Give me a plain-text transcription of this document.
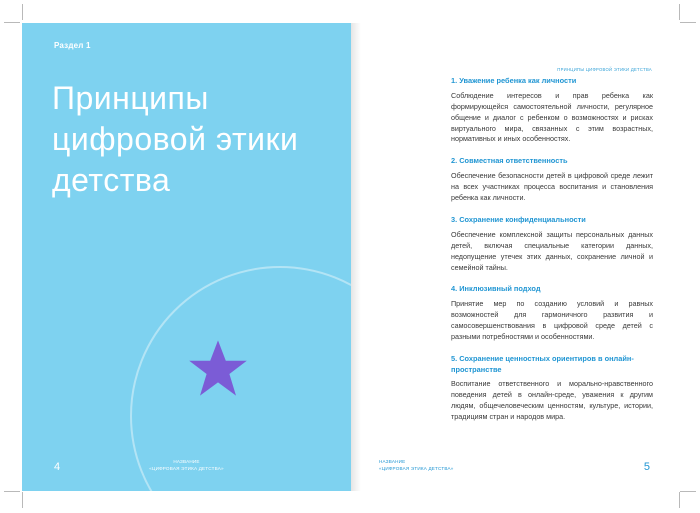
Раздел 1
Принципы цифровой этики детства
4	НАЗВАНИЕ
«ЦИФРОВАЯ ЭТИКА ДЕТСТВА»
ПРИНЦИПЫ ЦИФРОВОЙ ЭТИКИ ДЕТСТВА
1. Уважение ребенка как личности
Соблюдение интересов и прав ребенка как формирующейся самостоятельной личности, регулярное общение и диалог с ребенком о возможностях и рисках виртуального мира, связанных с этим возрастных, нормативных и иных особенностях.
2. Совместная ответственность
Обеспечение безопасности детей в цифровой среде лежит на всех участниках процесса воспитания и становления ребенка как личности.
3. Сохранение конфиденциальности
Обеспечение комплексной защиты персональных данных детей, включая специальные категории данных, недопущение утечек этих данных, сохранение личной и семейной тайны.
4. Инклюзивный подход
Принятие мер по созданию условий и равных возможностей для гармоничного развития и самосовершенствования в цифровой среде детей с разными потребностями и особенностями.
5. Сохранение ценностных ориентиров в онлайн-пространстве
Воспитание ответственного и морально-нравственного поведения детей в онлайн-среде, уважения к другим людям, общечеловеческим ценностям, культуре, истории, традициям стран и народов мира.
5
НАЗВАНИЕ
«ЦИФРОВАЯ ЭТИКА ДЕТСТВА»
